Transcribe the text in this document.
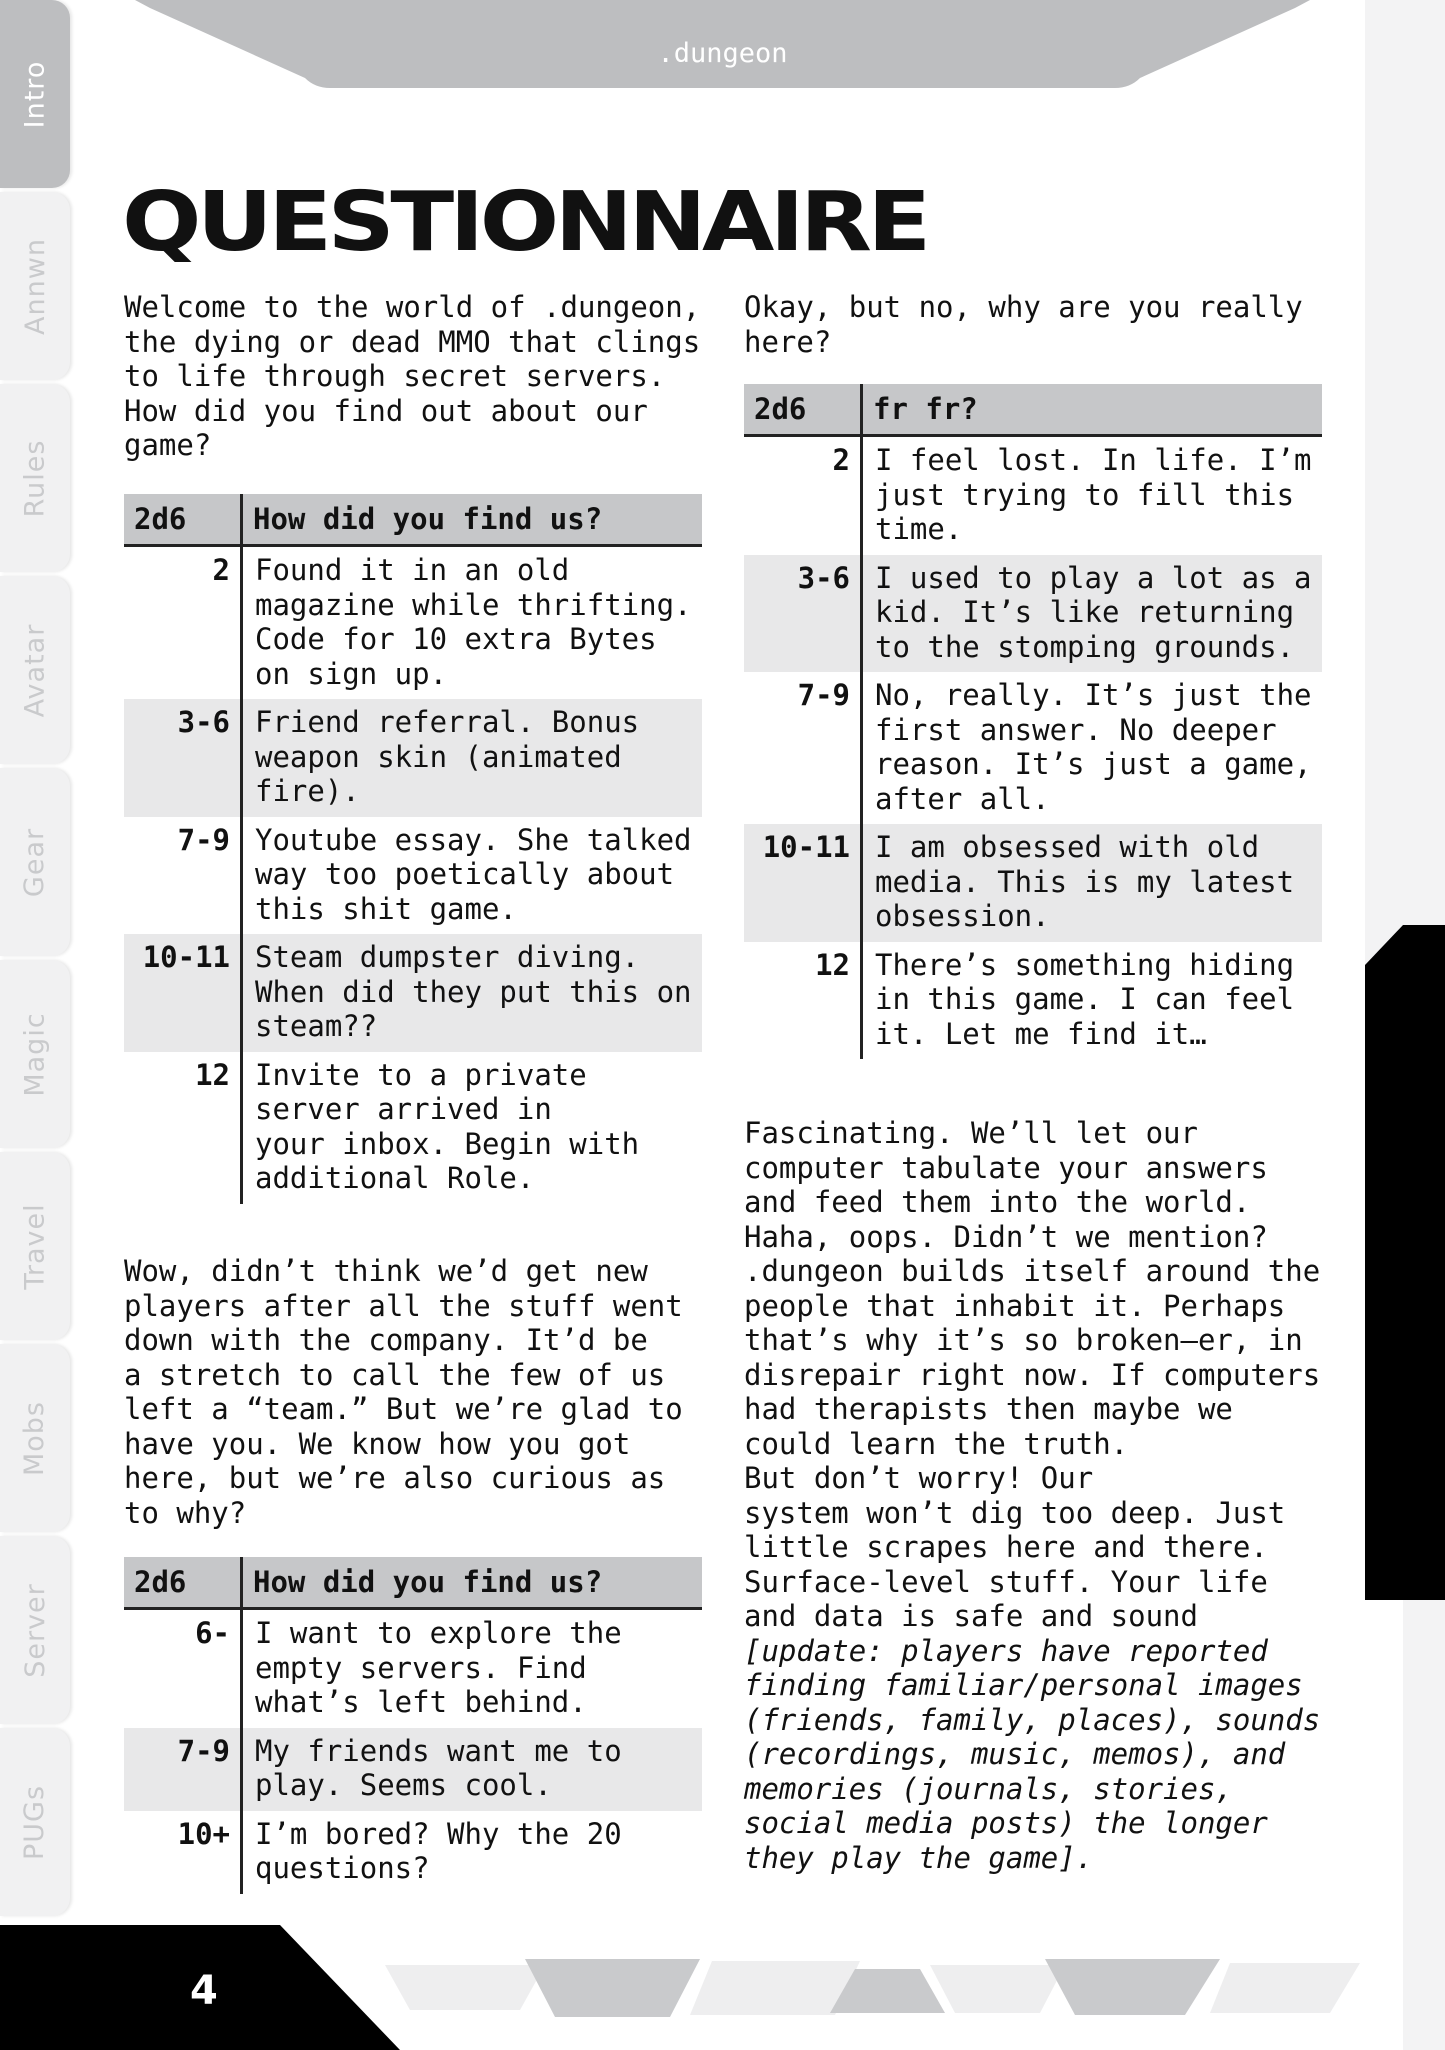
PUGs
Server
Mobs
Travel
Magic
Gear
Avatar
Rules
Annwn
Intro
.dungeon
4
QUESTIONNAIRE

Welcome to the world of .dungeon,
the dying or dead MMO that clings
to life through secret servers.
How did you find out about our
game?

2d6	How did you find us?
2	Found it in an old
magazine while thrifting.
Code for 10 extra Bytes
on sign up.
3-6	Friend referral. Bonus
weapon skin (animated
fire).
7-9	Youtube essay. She talked
way too poetically about
this shit game.
10-11	Steam dumpster diving.
When did they put this on
steam??
12	Invite to a private
server arrived in
your inbox. Begin with
additional Role.

Wow, didn’t think we’d get new
players after all the stuff went
down with the company. It’d be
a stretch to call the few of us
left a “team.” But we’re glad to
have you. We know how you got
here, but we’re also curious as
to why?

2d6	How did you find us?
6-	I want to explore the
empty servers. Find
what’s left behind.
7-9	My friends want me to
play. Seems cool.
10+	I’m bored? Why the 20
questions?

Okay, but no, why are you really
here?

2d6	fr fr?
2	I feel lost. In life. I’m
just trying to fill this
time.
3-6	I used to play a lot as a
kid. It’s like returning
to the stomping grounds.
7-9	No, really. It’s just the
first answer. No deeper
reason. It’s just a game,
after all.
10-11	I am obsessed with old
media. This is my latest
obsession.
12	There’s something hiding
in this game. I can feel
it. Let me find it…

Fascinating. We’ll let our
computer tabulate your answers
and feed them into the world.
Haha, oops. Didn’t we mention?
.dungeon builds itself around the
people that inhabit it. Perhaps
that’s why it’s so broken—er, in
disrepair right now. If computers
had therapists then maybe we
could learn the truth.

But don’t worry! Our
system won’t dig too deep. Just
little scrapes here and there.
Surface-level stuff. Your life
and data is safe and sound

[update: players have reported
finding familiar/personal images
(friends, family, places), sounds
(recordings, music, memos), and
memories (journals, stories,
social media posts) the longer
they play the game].
